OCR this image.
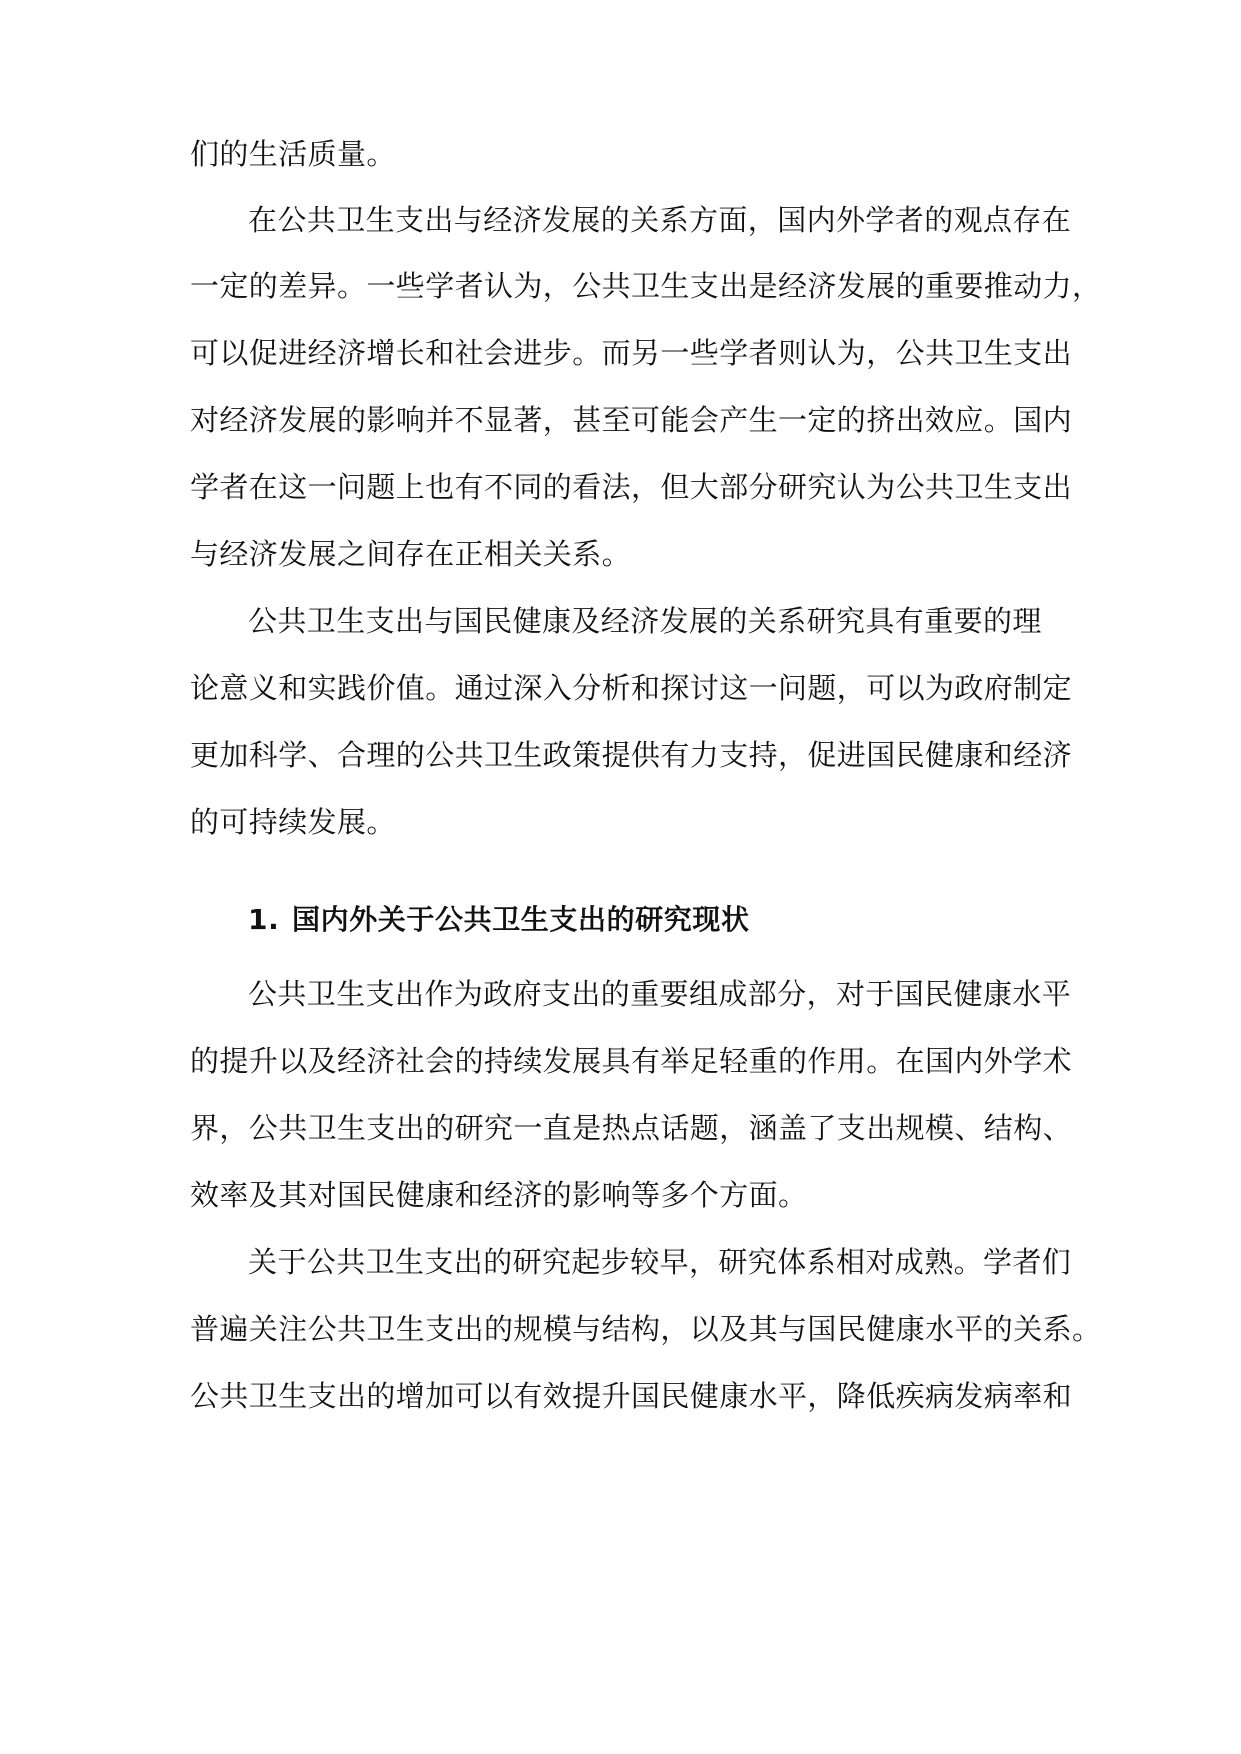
们的生活质量。
在公共卫生支出与经济发展的关系方面，国内外学者的观点存在
一定的差异。一些学者认为，公共卫生支出是经济发展的重要推动力，
可以促进经济增长和社会进步。而另一些学者则认为，公共卫生支出
对经济发展的影响并不显著，甚至可能会产生一定的挤出效应。国内
学者在这一问题上也有不同的看法，但大部分研究认为公共卫生支出
与经济发展之间存在正相关关系。
公共卫生支出与国民健康及经济发展的关系研究具有重要的理
论意义和实践价值。通过深入分析和探讨这一问题，可以为政府制定
更加科学、合理的公共卫生政策提供有力支持，促进国民健康和经济
的可持续发展。
1. 国内外关于公共卫生支出的研究现状
公共卫生支出作为政府支出的重要组成部分，对于国民健康水平
的提升以及经济社会的持续发展具有举足轻重的作用。在国内外学术
界，公共卫生支出的研究一直是热点话题，涵盖了支出规模、结构、
效率及其对国民健康和经济的影响等多个方面。
关于公共卫生支出的研究起步较早，研究体系相对成熟。学者们
普遍关注公共卫生支出的规模与结构，以及其与国民健康水平的关系。
公共卫生支出的增加可以有效提升国民健康水平，降低疾病发病率和
